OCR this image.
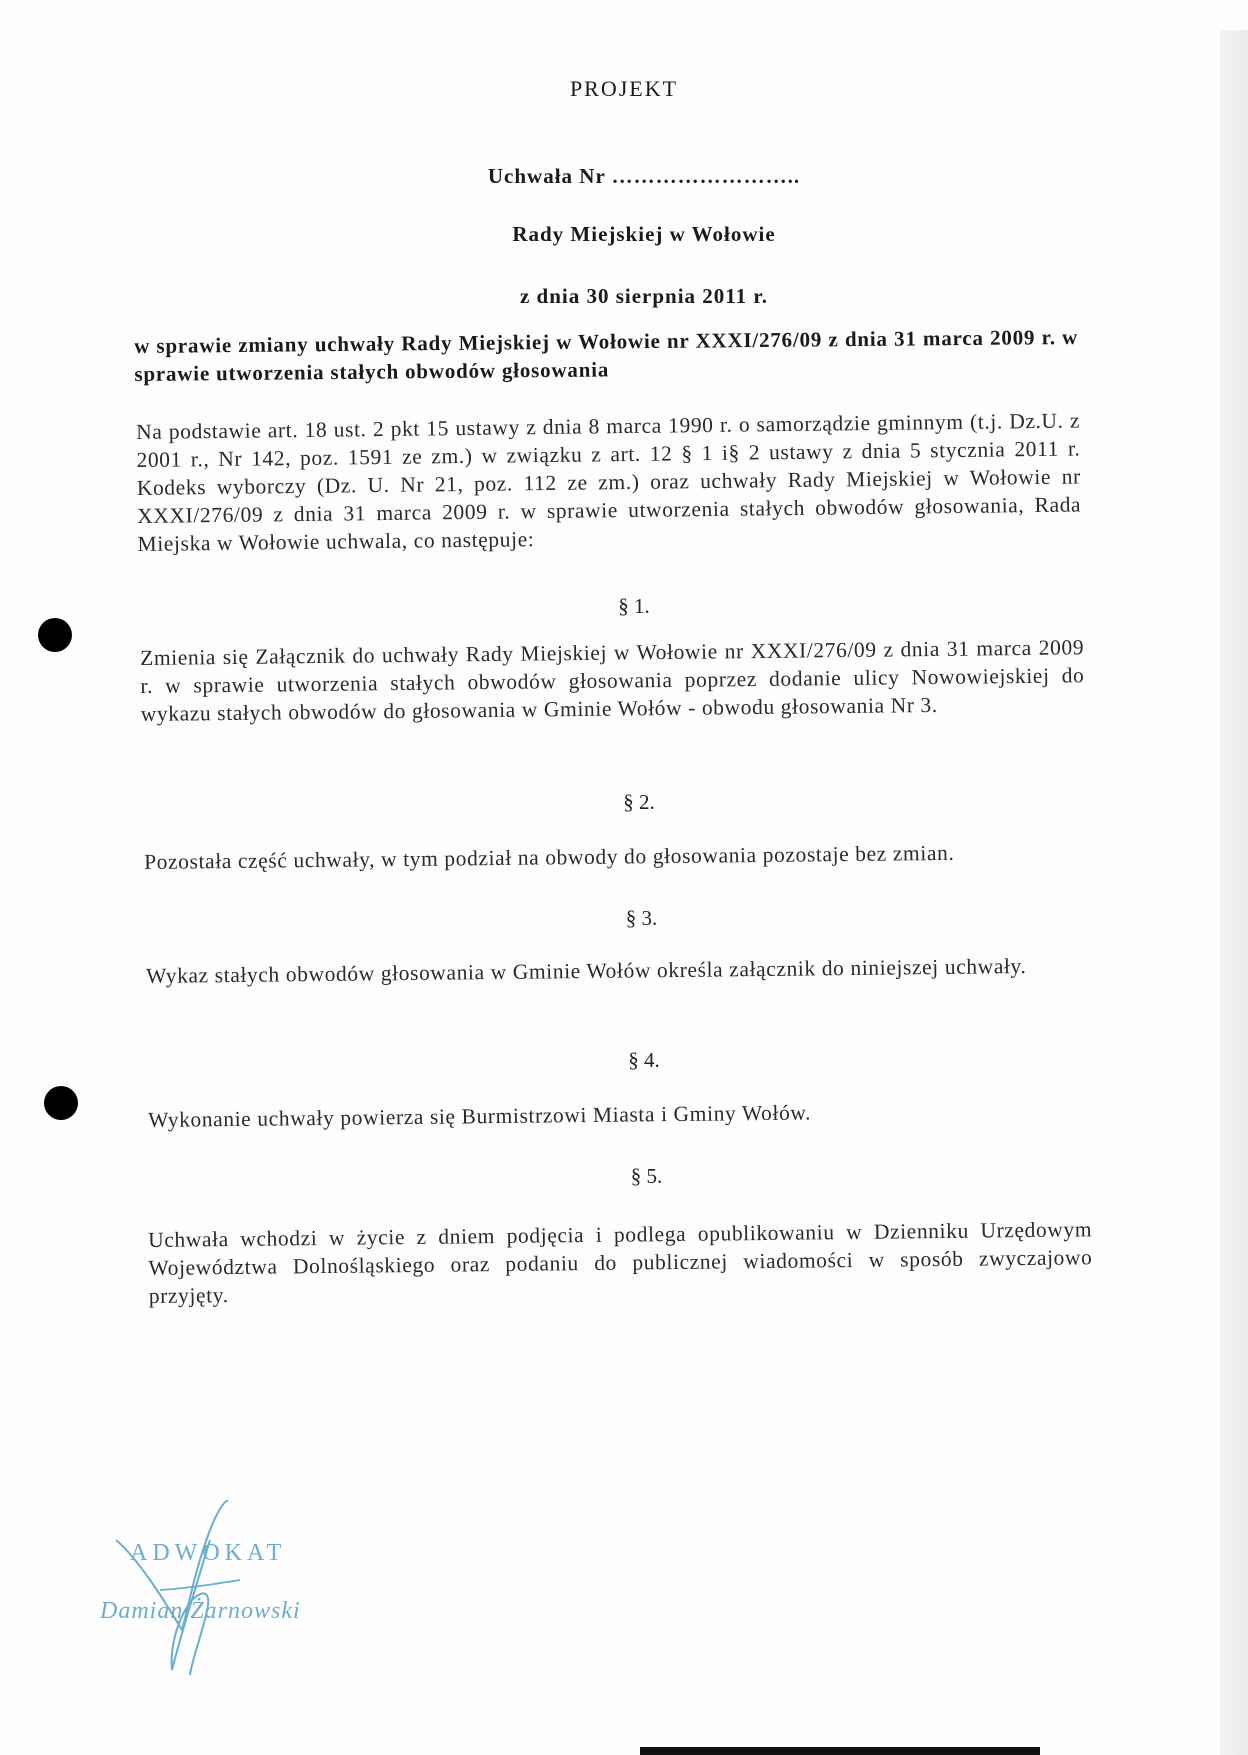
PROJEKT
Uchwała Nr ……………………..
Rady Miejskiej w Wołowie
z dnia 30 sierpnia 2011 r.
w sprawie zmiany uchwały Rady Miejskiej w Wołowie nr XXXI/276/09 z dnia 31 marca 2009 r. w sprawie utworzenia stałych obwodów głosowania
Na podstawie art. 18 ust. 2 pkt 15 ustawy z dnia 8 marca 1990 r. o samorządzie gminnym (t.j. Dz.U. z 2001 r., Nr 142, poz. 1591 ze zm.) w związku z art. 12 § 1 i§ 2 ustawy z dnia 5 stycznia 2011 r. Kodeks wyborczy (Dz. U. Nr 21, poz. 112 ze zm.) oraz uchwały Rady Miejskiej w Wołowie nr XXXI/276/09 z dnia 31 marca 2009 r. w sprawie utworzenia stałych obwodów głosowania, Rada Miejska w Wołowie uchwala, co następuje:
§ 1.
Zmienia się Załącznik do uchwały Rady Miejskiej w Wołowie nr XXXI/276/09 z dnia 31 marca 2009 r. w sprawie utworzenia stałych obwodów głosowania poprzez dodanie ulicy Nowowiejskiej do wykazu stałych obwodów do głosowania w Gminie Wołów - obwodu głosowania Nr 3.
§ 2.
Pozostała część uchwały, w tym podział na obwody do głosowania pozostaje bez zmian.
§ 3.
Wykaz stałych obwodów głosowania w Gminie Wołów określa załącznik do niniejszej uchwały.
§ 4.
Wykonanie uchwały powierza się Burmistrzowi Miasta i Gminy Wołów.
§ 5.
Uchwała wchodzi w życie z dniem podjęcia i podlega opublikowaniu w Dzienniku Urzędowym Województwa Dolnośląskiego oraz podaniu do publicznej wiadomości w sposób zwyczajowo przyjęty.
ADWOKAT
Damian Żarnowski
